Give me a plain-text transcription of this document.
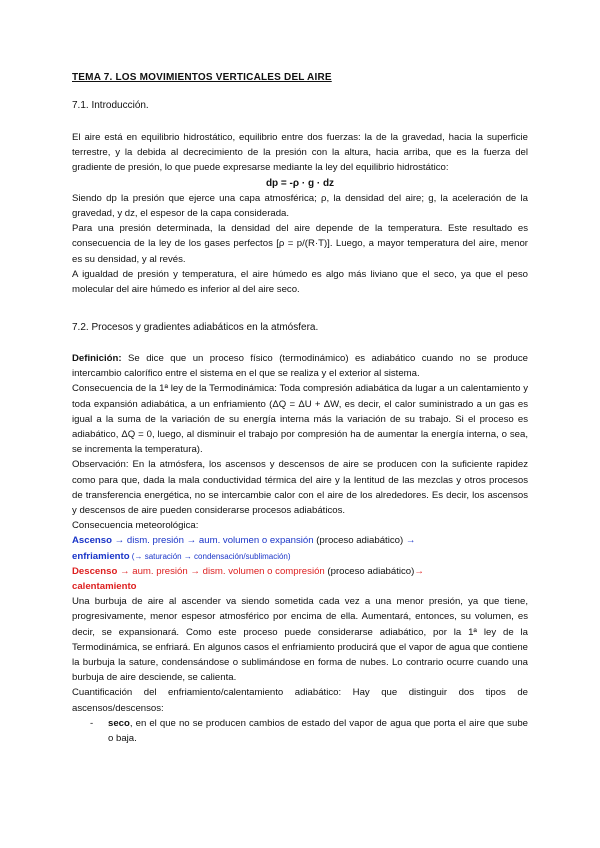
TEMA 7. LOS MOVIMIENTOS VERTICALES DEL AIRE
7.1. Introducción.

El aire está en equilibrio hidrostático, equilibrio entre dos fuerzas: la de la gravedad, hacia la superficie terrestre, y la debida al decrecimiento de la presión con la altura, hacia arriba, que es la fuerza del gradiente de presión, lo que puede expresarse mediante la ley del equilibrio hidrostático:

dp = -ρ · g · dz

Siendo dp la presión que ejerce una capa atmosférica; ρ, la densidad del aire; g, la aceleración de la gravedad, y dz, el espesor de la capa considerada.

Para una presión determinada, la densidad del aire depende de la temperatura. Este resultado es consecuencia de la ley de los gases perfectos [ρ = p/(R·T)]. Luego, a mayor temperatura del aire, menor es su densidad, y al revés.

A igualdad de presión y temperatura, el aire húmedo es algo más liviano que el seco, ya que el peso molecular del aire húmedo es inferior al del aire seco.

7.2. Procesos y gradientes adiabáticos en la atmósfera.

Definición: Se dice que un proceso físico (termodinámico) es adiabático cuando no se produce intercambio calorífico entre el sistema en el que se realiza y el exterior al sistema.

Consecuencia de la 1ª ley de la Termodinámica: Toda compresión adiabática da lugar a un calentamiento y toda expansión adiabática, a un enfriamiento (ΔQ = ΔU + ΔW, es decir, el calor suministrado a un gas es igual a la suma de la variación de su energía interna más la variación de su trabajo. Si el proceso es adiabático, ΔQ = 0, luego, al disminuir el trabajo por compresión ha de aumentar la energía interna, o sea, se incrementa la temperatura).

Observación: En la atmósfera, los ascensos y descensos de aire se producen con la suficiente rapidez como para que, dada la mala conductividad térmica del aire y la lentitud de las mezclas y otros procesos de transferencia energética, no se intercambie calor con el aire de los alrededores. Es decir, los ascensos y descensos de aire pueden considerarse procesos adiabáticos.

Consecuencia meteorológica:

Ascenso → dism. presión → aum. volumen o expansión (proceso adiabático) →
enfriamiento (→ saturación → condensación/sublimación)

Descenso → aum. presión → dism. volumen o compresión (proceso adiabático)→
calentamiento

Una burbuja de aire al ascender va siendo sometida cada vez a una menor presión, ya que tiene, progresivamente, menor espesor atmosférico por encima de ella. Aumentará, entonces, su volumen, es decir, se expansionará. Como este proceso puede considerarse adiabático, por la 1ª ley de la Termodinámica, se enfriará. En algunos casos el enfriamiento producirá que el vapor de agua que contiene la burbuja la sature, condensándose o sublimándose en forma de nubes. Lo contrario ocurre cuando una burbuja de aire desciende, se calienta.

Cuantificación del enfriamiento/calentamiento adiabático: Hay que distinguir dos tipos de ascensos/descensos:

- seco, en el que no se producen cambios de estado del vapor de agua que porta el aire que sube o baja.
